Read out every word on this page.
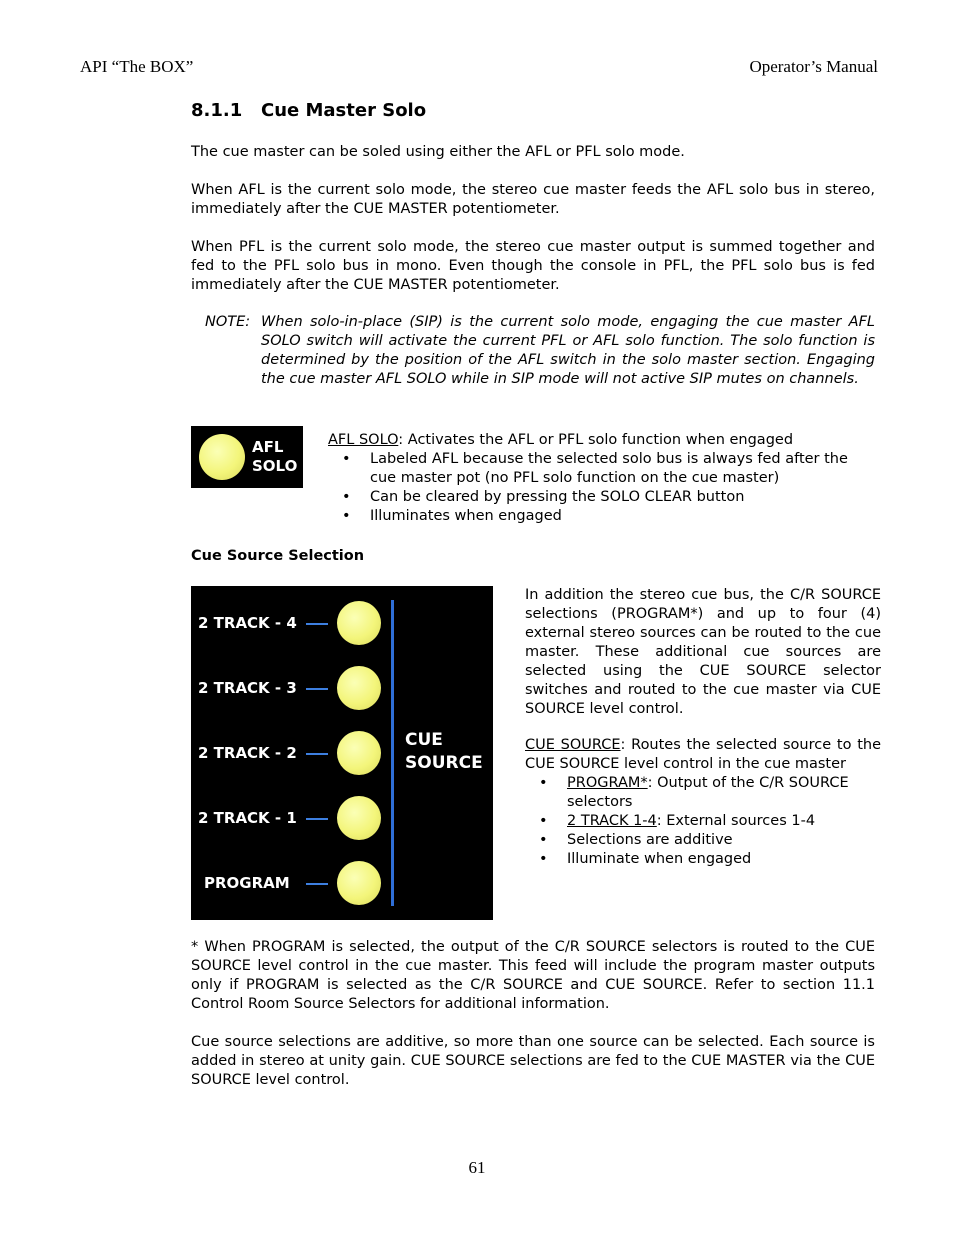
API “The BOX”	Operator’s Manual
8.1.1 Cue Master Solo

The cue master can be soled using either the AFL or PFL solo mode.

When AFL is the current solo mode, the stereo cue master feeds the AFL solo bus in stereo, immediately after the CUE MASTER potentiometer.

When PFL is the current solo mode, the stereo cue master output is summed together and fed to the PFL solo bus in mono. Even though the console in PFL, the PFL solo bus is fed immediately after the CUE MASTER potentiometer.

NOTE: When solo-in-place (SIP) is the current solo mode, engaging the cue master AFL SOLO switch will activate the current PFL or AFL solo function. The solo function is determined by the position of the AFL switch in the solo master section. Engaging the cue master AFL SOLO while in SIP mode will not active SIP mutes on channels.
AFL
SOLO
AFL SOLO: Activates the AFL or PFL solo function when engaged
• Labeled AFL because the selected solo bus is always fed after the cue master pot (no PFL solo function on the cue master)
• Can be cleared by pressing the SOLO CLEAR button
• Illuminates when engaged
Cue Source Selection
2 TRACK - 4
2 TRACK - 3
2 TRACK - 2
2 TRACK - 1
PROGRAM
CUE
SOURCE

In addition the stereo cue bus, the C/R SOURCE selections (PROGRAM*) and up to four (4) external stereo sources can be routed to the cue master. These additional cue sources are selected using the CUE SOURCE selector switches and routed to the cue master via CUE SOURCE level control.

CUE SOURCE: Routes the selected source to the CUE SOURCE level control in the cue master

• PROGRAM*: Output of the C/R SOURCE selectors
• 2 TRACK 1-4: External sources 1-4
• Selections are additive
• Illuminate when engaged

* When PROGRAM is selected, the output of the C/R SOURCE selectors is routed to the CUE SOURCE level control in the cue master. This feed will include the program master outputs only if PROGRAM is selected as the C/R SOURCE and CUE SOURCE. Refer to section 11.1 Control Room Source Selectors for additional information.

Cue source selections are additive, so more than one source can be selected. Each source is added in stereo at unity gain. CUE SOURCE selections are fed to the CUE MASTER via the CUE SOURCE level control.

61
